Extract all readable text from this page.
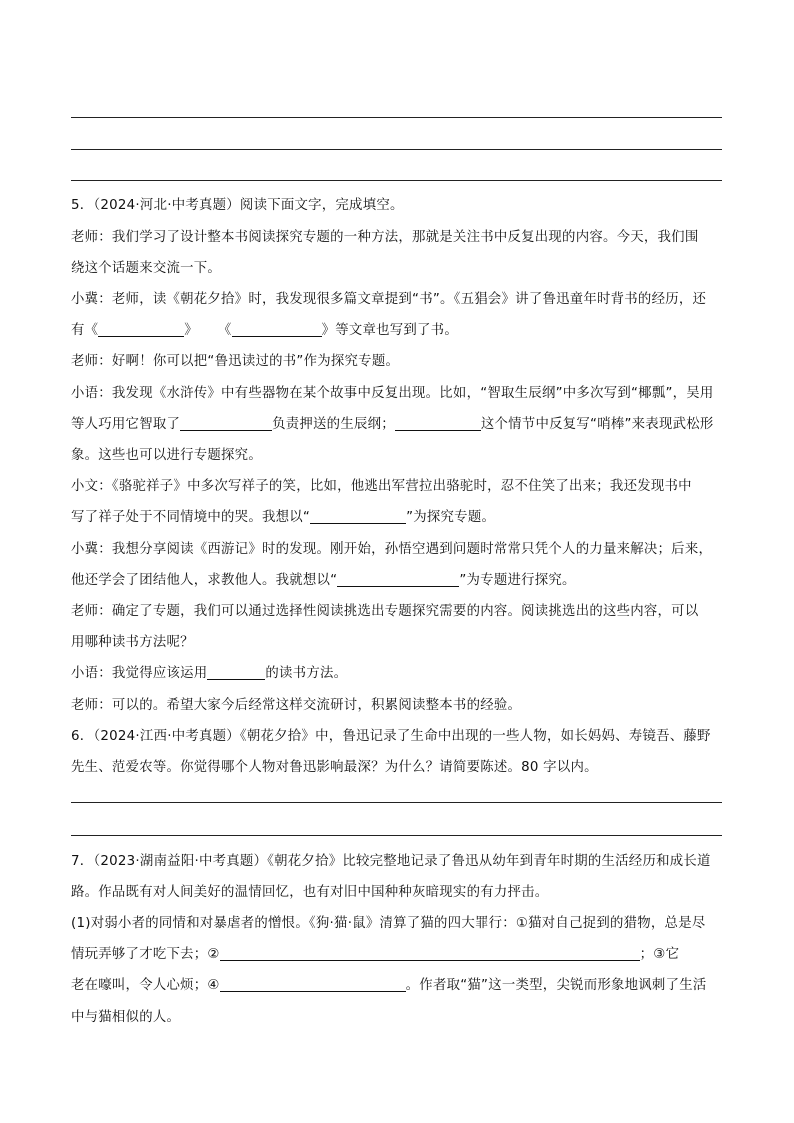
5．（2024·河北·中考真题）阅读下面文字，完成填空。
老师：我们学习了设计整本书阅读探究专题的一种方法，那就是关注书中反复出现的内容。今天，我们围
绕这个话题来交流一下。
小冀：老师，读《朝花夕拾》时，我发现很多篇文章提到“书”。《五猖会》讲了鲁迅童年时背书的经历，还
有《	》 《	》等文章也写到了书。
老师：好啊！你可以把“鲁迅读过的书”作为探究专题。
小语：我发现《水浒传》中有些器物在某个故事中反复出现。比如，“智取生辰纲”中多次写到“椰瓢”，吴用
等人巧用它智取了	负责押送的生辰纲；	这个情节中反复写“哨棒”来表现武松形
象。这些也可以进行专题探究。
小文：《骆驼祥子》中多次写祥子的笑，比如，他逃出军营拉出骆驼时，忍不住笑了出来；我还发现书中
写了祥子处于不同情境中的哭。我想以“	”为探究专题。
小冀：我想分享阅读《西游记》时的发现。刚开始，孙悟空遇到问题时常常只凭个人的力量来解决；后来，
他还学会了团结他人，求教他人。我就想以“	”为专题进行探究。
老师：确定了专题，我们可以通过选择性阅读挑选出专题探究需要的内容。阅读挑选出的这些内容，可以
用哪种读书方法呢？
小语：我觉得应该运用	的读书方法。
老师：可以的。希望大家今后经常这样交流研讨，积累阅读整本书的经验。
6．（2024·江西·中考真题）《朝花夕拾》中，鲁迅记录了生命中出现的一些人物，如长妈妈、寿镜吾、藤野
先生、范爱农等。你觉得哪个人物对鲁迅影响最深？为什么？请简要陈述。80 字以内。
7．（2023·湖南益阳·中考真题）《朝花夕拾》比较完整地记录了鲁迅从幼年到青年时期的生活经历和成长道
路。作品既有对人间美好的温情回忆，也有对旧中国种种灰暗现实的有力抨击。
(1)对弱小者的同情和对暴虐者的憎恨。《狗·猫·鼠》清算了猫的四大罪行：①猫对自己捉到的猎物，总是尽
情玩弄够了才吃下去；②	；③它
老在嚎叫，令人心烦；④	。作者取“猫”这一类型，尖锐而形象地讽刺了生活
中与猫相似的人。
